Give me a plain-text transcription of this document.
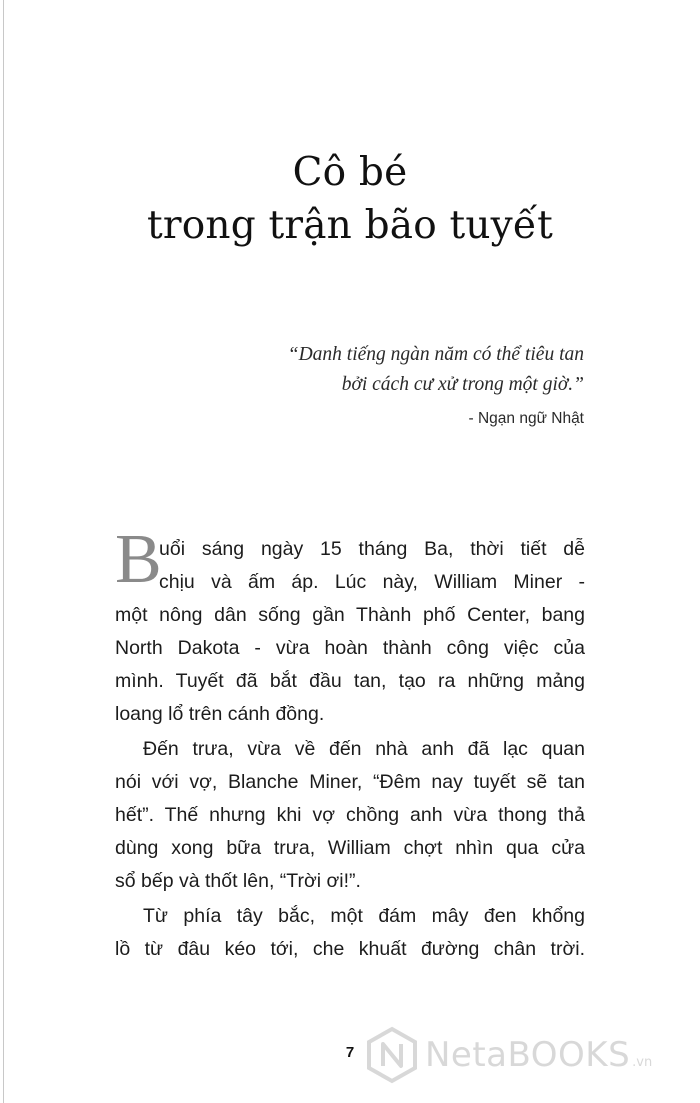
Cô bé
trong trận bão tuyết
“Danh tiếng ngàn năm có thể tiêu tan
bởi cách cư xử trong một giờ.”
- Ngạn ngữ Nhật
B
uổi sáng ngày 15 tháng Ba, thời tiết dễ
chịu và ấm áp. Lúc này, William Miner -
một nông dân sống gần Thành phố Center, bang
North Dakota - vừa hoàn thành công việc của
mình. Tuyết đã bắt đầu tan, tạo ra những mảng
loang lổ trên cánh đồng.
Đến trưa, vừa về đến nhà anh đã lạc quan
nói với vợ, Blanche Miner, “Đêm nay tuyết sẽ tan
hết”. Thế nhưng khi vợ chồng anh vừa thong thả
dùng xong bữa trưa, William chợt nhìn qua cửa
sổ bếp và thốt lên, “Trời ơi!”.
Từ phía tây bắc, một đám mây đen khổng
lồ từ đâu kéo tới, che khuất đường chân trời.
7	NetaBOOKS .vn
